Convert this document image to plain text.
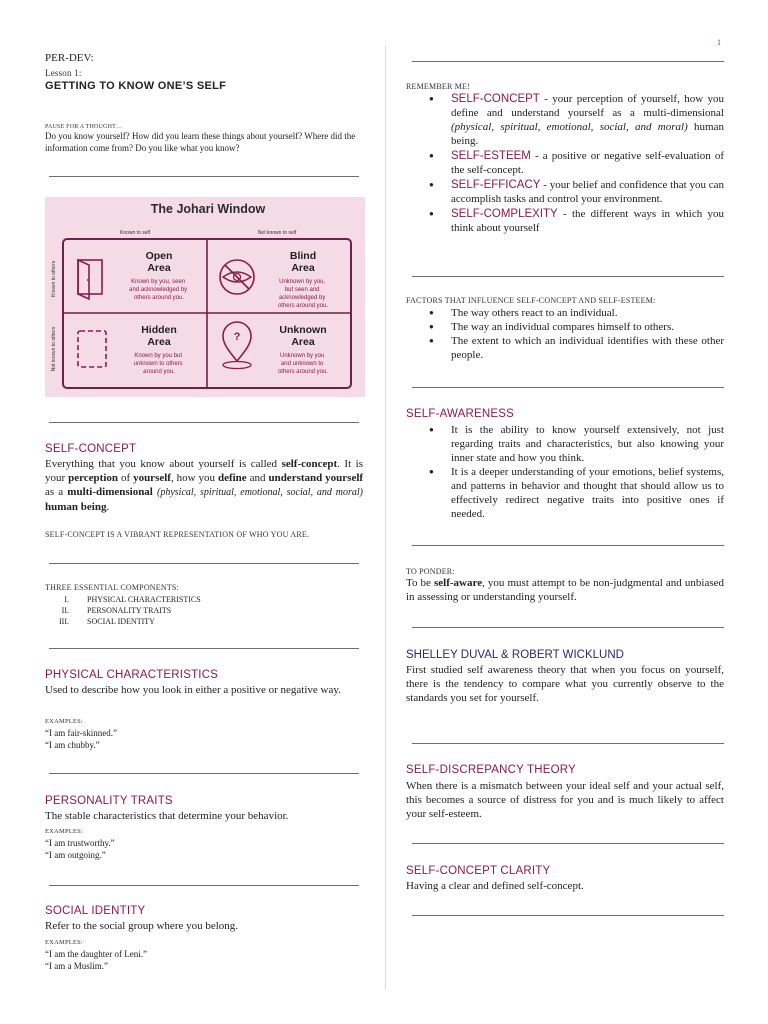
1
PER-DEV:
Lesson 1:
GETTING TO KNOW ONE’S SELF
PAUSE FOR A THOUGHT…
Do you know yourself? How did you learn these things about yourself? Where did the information come from? Do you like what you know?
The Johari Window
Known to self	Not known to self
Known to others
Not known to others
Open
Area
Known by you, seen and acknowledged by others around you.
Blind
Area
Unknown by you, but seen and acknowledged by others around you.
Hidden
Area
Known by you but unknown to others around you.
?
Unknown
Area
Unknown by you and unknown to others around you.
SELF-CONCEPT
Everything that you know about yourself is called self-concept. It is your perception of yourself, how you define and understand yourself as a multi-dimensional (physical, spiritual, emotional, social, and moral) human being.
SELF-CONCEPT IS A VIBRANT REPRESENTATION OF WHO YOU ARE.
THREE ESSENTIAL COMPONENTS:
I. PHYSICAL CHARACTERISTICS
II. PERSONALITY TRAITS
III. SOCIAL IDENTITY
PHYSICAL CHARACTERISTICS
Used to describe how you look in either a positive or negative way.
EXAMPLES:
“I am fair-skinned.”
“I am chubby.”
PERSONALITY TRAITS
The stable characteristics that determine your behavior.
EXAMPLES:
“I am trustworthy.”
“I am outgoing.”
SOCIAL IDENTITY
Refer to the social group where you belong.
EXAMPLES:
“I am the daughter of Leni.”
“I am a Muslim.”
REMEMBER ME!
● SELF-CONCEPT - your perception of yourself, how you define and understand yourself as a multi-dimensional (physical, spiritual, emotional, social, and moral) human being.
● SELF-ESTEEM - a positive or negative self-evaluation of the self-concept.
● SELF-EFFICACY - your belief and confidence that you can accomplish tasks and control your environment.
● SELF-COMPLEXITY - the different ways in which you think about yourself
FACTORS THAT INFLUENCE SELF-CONCEPT AND SELF-ESTEEM:
● The way others react to an individual.
● The way an individual compares himself to others.
● The extent to which an individual identifies with these other people.
SELF-AWARENESS
● It is the ability to know yourself extensively, not just regarding traits and characteristics, but also knowing your inner state and how you think.
● It is a deeper understanding of your emotions, belief systems, and patterns in behavior and thought that should allow us to effectively redirect negative traits into positive ones if needed.
TO PONDER:
To be self-aware, you must attempt to be non-judgmental and unbiased in assessing or understanding yourself.
SHELLEY DUVAL & ROBERT WICKLUND
First studied self awareness theory that when you focus on yourself, there is the tendency to compare what you currently observe to the standards you set for yourself.
SELF-DISCREPANCY THEORY
When there is a mismatch between your ideal self and your actual self, this becomes a source of distress for you and is much likely to affect your self-esteem.
SELF-CONCEPT CLARITY
Having a clear and defined self-concept.
